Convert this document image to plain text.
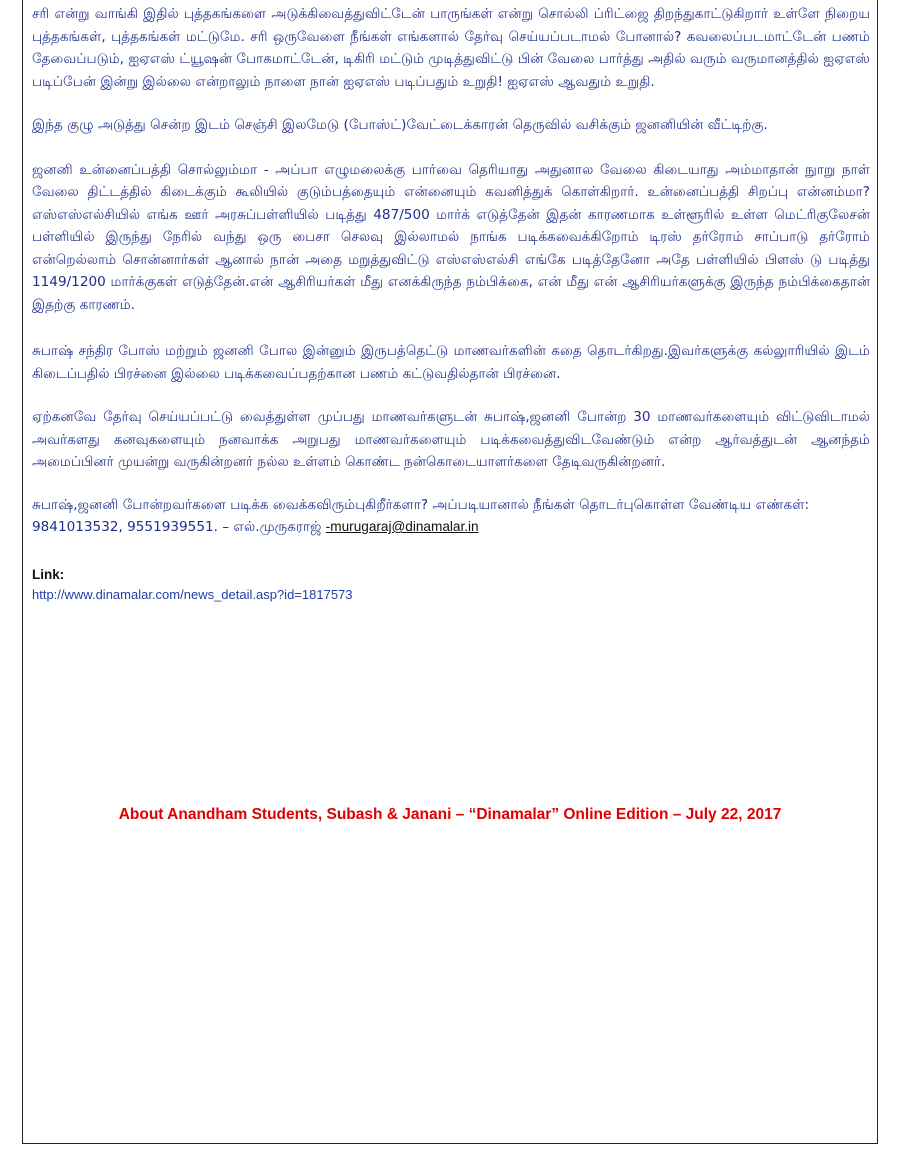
சரி என்று வாங்கி இதில் புத்தகங்களை அடுக்கிவைத்துவிட்டேன் பாருங்கள் என்று சொல்லி ப்ரிட்ஜை திறந்துகாட்டுகிறார் உள்ளே நிறைய புத்தகங்கள், புத்தகங்கள் மட்டுமே. சரி ஒருவேளை நீங்கள் எங்களால் தேர்வு செய்யப்படாமல் போனால்? கவலைப்படமாட்டேன் பணம் தேவைப்படும், ஐஏஎஸ் ட்யூஷன் போகமாட்டேன், டிகிரி மட்டும் முடித்துவிட்டு பின் வேலை பார்த்து அதில் வரும் வருமானத்தில் ஐஏஎஸ் படிப்பேன் இன்று இல்லை என்றாலும் நாளை நான் ஐஏஎஸ் படிப்பதும் உறுதி! ஐஏஎஸ் ஆவதும் உறுதி.

இந்த குழு அடுத்து சென்ற இடம் செஞ்சி இலமேடு (போஸ்ட்)வேட்டைக்காரன் தெருவில் வசிக்கும் ஜனனியின் வீட்டிற்கு.

ஜனனி உன்னைப்பத்தி சொல்லும்மா - அப்பா எழுமலைக்கு பார்வை தெரியாது அதுனால வேலை கிடையாது அம்மாதான் நுாறு நாள் வேலை திட்டத்தில் கிடைக்கும் கூலியில் குடும்பத்தையும் என்னையும் கவனித்துக் கொள்கிறார். உன்னைப்பத்தி சிறப்பு என்னம்மா? எஸ்எஸ்எல்சியில் எங்க ஊர் அரசுப்பள்ளியில் படித்து 487/500 மார்க் எடுத்தேன் இதன் காரணமாக உள்ளூரில் உள்ள மெட்ரிகுலேசன் பள்ளியில் இருந்து நேரில் வந்து ஒரு பைசா செலவு இல்லாமல் நாங்க படிக்கவைக்கிறோம் டிரஸ் தர்ரோம் சாப்பாடு தர்ரோம் என்றெல்லாம் சொன்னார்கள் ஆனால் நான் அதை மறுத்துவிட்டு எஸ்எஸ்எல்சி எங்கே படித்தேனோ அதே பள்ளியில் பிளஸ் டு படித்து 1149/1200 மார்க்குகள் எடுத்தேன்.என் ஆசிரியர்கள் மீது எனக்கிருந்த நம்பிக்கை, என் மீது என் ஆசிரியர்களுக்கு இருந்த நம்பிக்கைதான் இதற்கு காரணம்.

சுபாஷ் சந்திர போஸ் மற்றும் ஜனனி போல இன்னும் இருபத்தெட்டு மாணவர்களின் கதை தொடர்கிறது.இவர்களுக்கு கல்லுாரியில் இடம் கிடைப்பதில் பிரச்னை இல்லை படிக்கவைப்பதற்கான பணம் கட்டுவதில்தான் பிரச்னை.

ஏற்கனவே தேர்வு செய்யப்பட்டு வைத்துள்ள முப்பது மாணவர்களுடன் சுபாஷ்,ஜனனி போன்ற 30 மாணவர்களையும் விட்டுவிடாமல் அவர்களது கனவுகளையும் நனவாக்க அறுபது மாணவர்களையும் படிக்கவைத்துவிடவேண்டும் என்ற ஆர்வத்துடன் ஆனந்தம் அமைப்பினர் முயன்று வருகின்றனர் நல்ல உள்ளம் கொண்ட நன்கொடையாளர்களை தேடிவருகின்றனர்.

சுபாஷ்,ஜனனி போன்றவர்களை படிக்க வைக்கவிரும்புகிறீர்களா? அப்படியானால் நீங்கள் தொடர்புகொள்ள வேண்டிய எண்கள்: 9841013532, 9551939551. – எல்.முருகராஜ் -murugaraj@dinamalar.in

Link:
http://www.dinamalar.com/news_detail.asp?id=1817573
About Anandham Students, Subash & Janani – “Dinamalar” Online Edition – July 22, 2017
